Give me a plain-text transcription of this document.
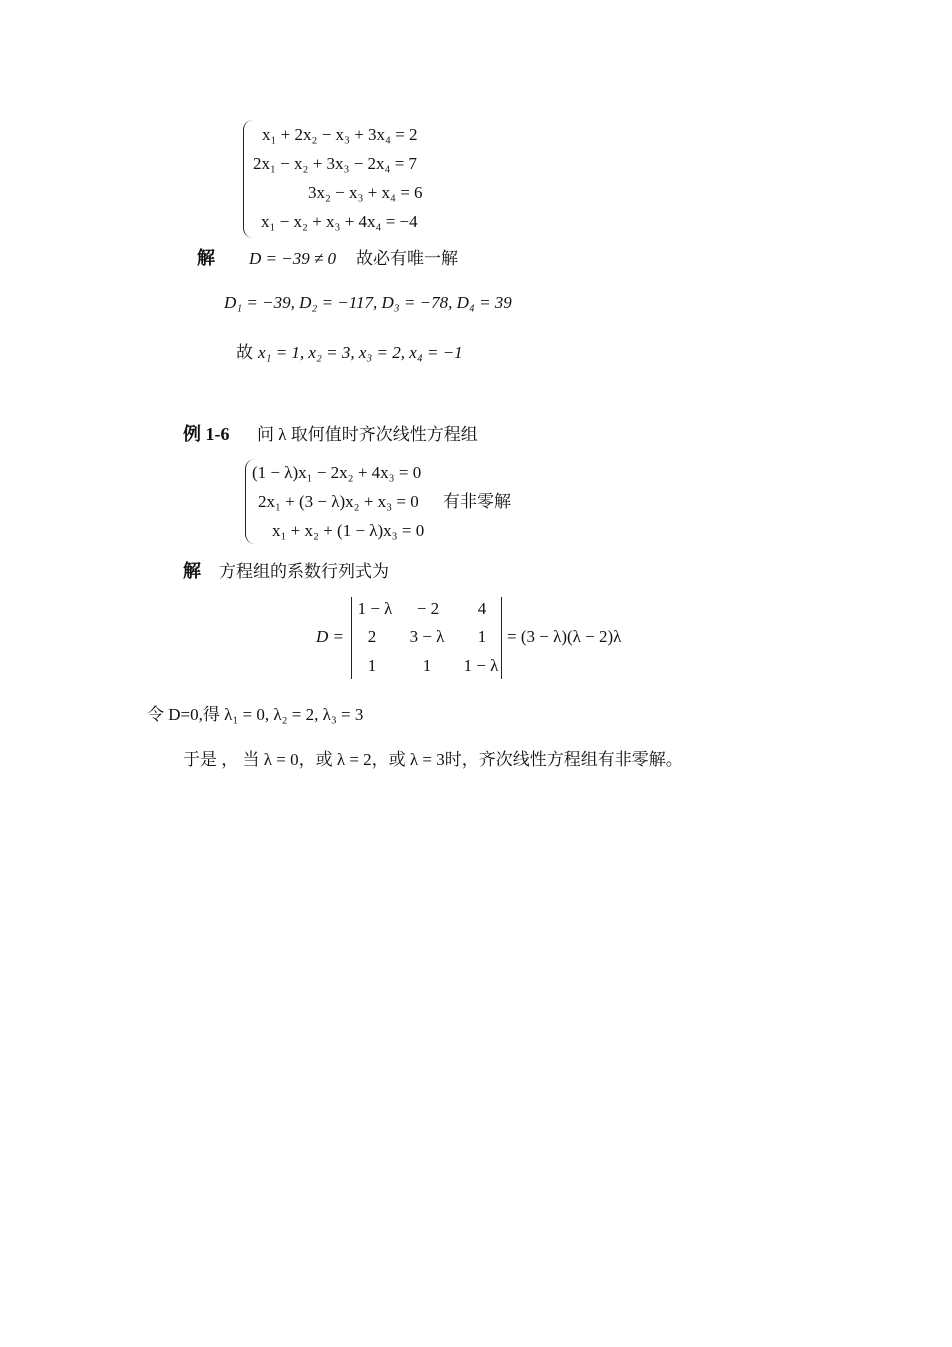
x₁ + 2x₂ − x₃ + 3x₄ = 2
2x₁ − x₂ + 3x₃ − 2x₄ = 7
3x₂ − x₃ + x₄ = 6
x₁ − x₂ + x₃ + 4x₄ = −4
解 D = −39 ≠ 0 故必有唯一解
D₁ = −39, D₂ = −117, D₃ = −78, D₄ = 39
故 x₁ = 1, x₂ = 3, x₃ = 2, x₄ = −1
例 1-6 问 λ 取何值时齐次线性方程组
(1 − λ)x₁ − 2x₂ + 4x₃ = 0
2x₁ + (3 − λ)x₂ + x₃ = 0 有非零解
x₁ + x₂ + (1 − λ)x₃ = 0
解 方程组的系数行列式为
D =
1 − λ	− 2	4
2	3 − λ	1
1	1	1 − λ
= (3 − λ)(λ − 2)λ
令 D=0,得 λ₁ = 0, λ₂ = 2, λ₃ = 3
于是 ， 当 λ = 0，或 λ = 2，或 λ = 3时，齐次线性方程组有非零解。
